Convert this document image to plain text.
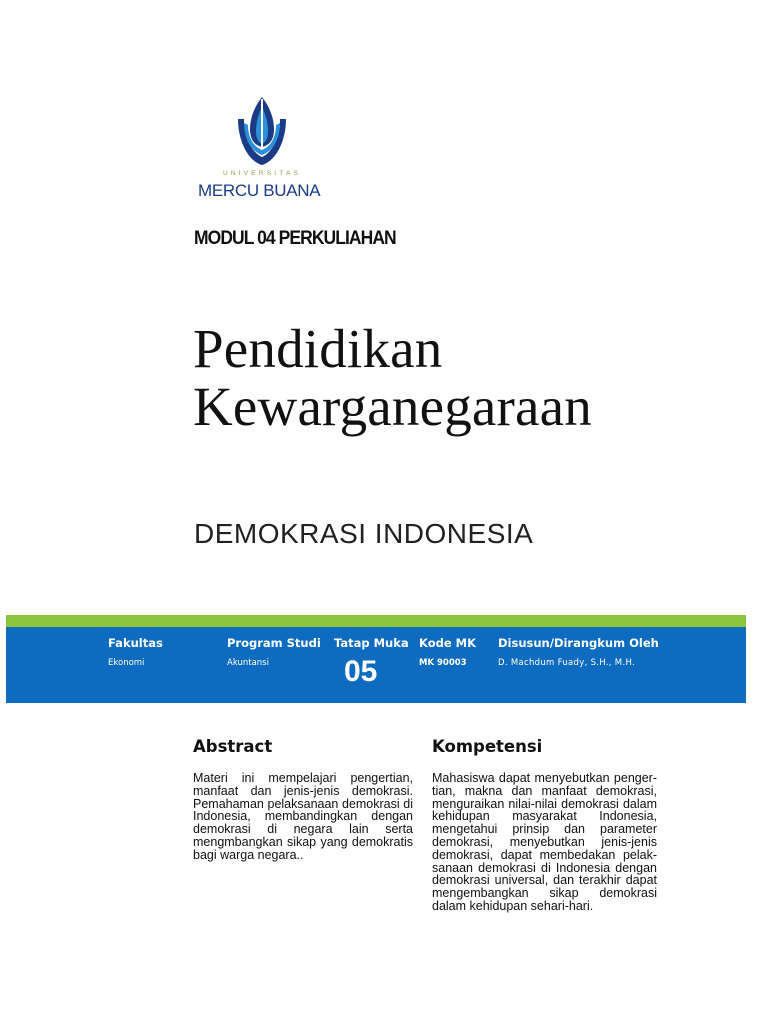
UNIVERSITAS
MERCU BUANA
MODUL 04 PERKULIAHAN
Pendidikan
Kewarganegaraan
DEMOKRASI INDONESIA
Fakultas
Ekonomi
Program Studi
Akuntansi
Tatap Muka
05
Kode MK
MK 90003
Disusun/Dirangkum Oleh
D. Machdum Fuady, S.H., M.H.
Abstract
Materi ini mempelajari pengertian, manfaat dan jenis-jenis demokrasi. Pemahaman pelaksanaan demokrasi di Indonesia, membandingkan dengan demokrasi di negara lain serta mengmbangkan sikap yang demokratis bagi warga negara..
Kompetensi
Mahasiswa dapat menyebutkan penger-tian, makna dan manfaat demokrasi, menguraikan nilai-nilai demokrasi dalam kehidupan masyarakat Indonesia, mengetahui prinsip dan parameter demokrasi, menyebutkan jenis-jenis demokrasi, dapat membedakan pelak-sanaan demokrasi di Indonesia dengan demokrasi universal, dan terakhir dapat mengembangkan sikap demokrasi dalam kehidupan sehari-hari.
